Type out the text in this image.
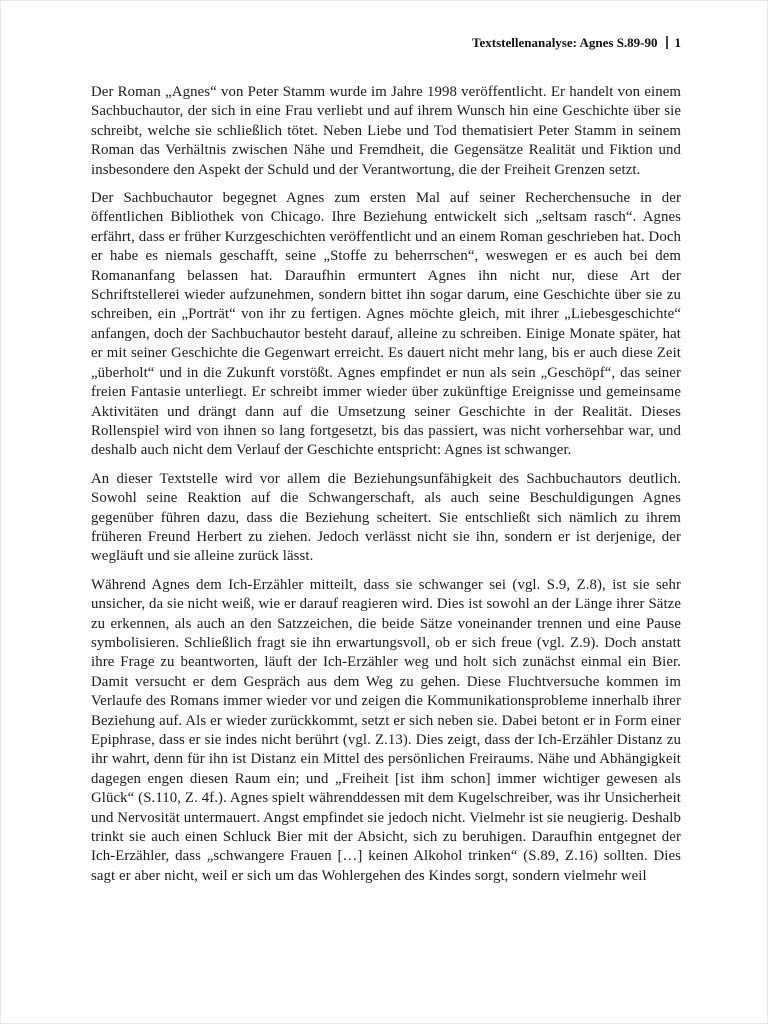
Textstellenanalyse: Agnes S.89-90 1

Der Roman „Agnes“ von Peter Stamm wurde im Jahre 1998 veröffentlicht. Er handelt von einem Sachbuchautor, der sich in eine Frau verliebt und auf ihrem Wunsch hin eine Geschichte über sie schreibt, welche sie schließlich tötet. Neben Liebe und Tod thematisiert Peter Stamm in seinem Roman das Verhältnis zwischen Nähe und Fremdheit, die Gegensätze Realität und Fiktion und insbesondere den Aspekt der Schuld und der Verantwortung, die der Freiheit Grenzen setzt.

Der Sachbuchautor begegnet Agnes zum ersten Mal auf seiner Recherchensuche in der öffentlichen Bibliothek von Chicago. Ihre Beziehung entwickelt sich „seltsam rasch“. Agnes erfährt, dass er früher Kurzgeschichten veröffentlicht und an einem Roman geschrieben hat. Doch er habe es niemals geschafft, seine „Stoffe zu beherrschen“, weswegen er es auch bei dem Romananfang belassen hat. Daraufhin ermuntert Agnes ihn nicht nur, diese Art der Schriftstellerei wieder aufzunehmen, sondern bittet ihn sogar darum, eine Geschichte über sie zu schreiben, ein „Porträt“ von ihr zu fertigen. Agnes möchte gleich, mit ihrer „Liebesgeschichte“ anfangen, doch der Sachbuchautor besteht darauf, alleine zu schreiben. Einige Monate später, hat er mit seiner Geschichte die Gegenwart erreicht. Es dauert nicht mehr lang, bis er auch diese Zeit „überholt“ und in die Zukunft vorstößt. Agnes empfindet er nun als sein „Geschöpf“, das seiner freien Fantasie unterliegt. Er schreibt immer wieder über zukünftige Ereignisse und gemeinsame Aktivitäten und drängt dann auf die Umsetzung seiner Geschichte in der Realität. Dieses Rollenspiel wird von ihnen so lang fortgesetzt, bis das passiert, was nicht vorhersehbar war, und deshalb auch nicht dem Verlauf der Geschichte entspricht: Agnes ist schwanger.

An dieser Textstelle wird vor allem die Beziehungsunfähigkeit des Sachbuchautors deutlich. Sowohl seine Reaktion auf die Schwangerschaft, als auch seine Beschuldigungen Agnes gegenüber führen dazu, dass die Beziehung scheitert. Sie entschließt sich nämlich zu ihrem früheren Freund Herbert zu ziehen. Jedoch verlässt nicht sie ihn, sondern er ist derjenige, der wegläuft und sie alleine zurück lässt.

Während Agnes dem Ich-Erzähler mitteilt, dass sie schwanger sei (vgl. S.9, Z.8), ist sie sehr unsicher, da sie nicht weiß, wie er darauf reagieren wird. Dies ist sowohl an der Länge ihrer Sätze zu erkennen, als auch an den Satzzeichen, die beide Sätze voneinander trennen und eine Pause symbolisieren. Schließlich fragt sie ihn erwartungsvoll, ob er sich freue (vgl. Z.9). Doch anstatt ihre Frage zu beantworten, läuft der Ich-Erzähler weg und holt sich zunächst einmal ein Bier. Damit versucht er dem Gespräch aus dem Weg zu gehen. Diese Fluchtversuche kommen im Verlaufe des Romans immer wieder vor und zeigen die Kommunikationsprobleme innerhalb ihrer Beziehung auf. Als er wieder zurückkommt, setzt er sich neben sie. Dabei betont er in Form einer Epiphrase, dass er sie indes nicht berührt (vgl. Z.13). Dies zeigt, dass der Ich-Erzähler Distanz zu ihr wahrt, denn für ihn ist Distanz ein Mittel des persönlichen Freiraums. Nähe und Abhängigkeit dagegen engen diesen Raum ein; und „Freiheit [ist ihm schon] immer wichtiger gewesen als Glück“ (S.110, Z. 4f.). Agnes spielt währenddessen mit dem Kugelschreiber, was ihr Unsicherheit und Nervosität untermauert. Angst empfindet sie jedoch nicht. Vielmehr ist sie neugierig. Deshalb trinkt sie auch einen Schluck Bier mit der Absicht, sich zu beruhigen. Daraufhin entgegnet der Ich-Erzähler, dass „schwangere Frauen […] keinen Alkohol trinken“ (S.89, Z.16) sollten. Dies sagt er aber nicht, weil er sich um das Wohlergehen des Kindes sorgt, sondern vielmehr weil
